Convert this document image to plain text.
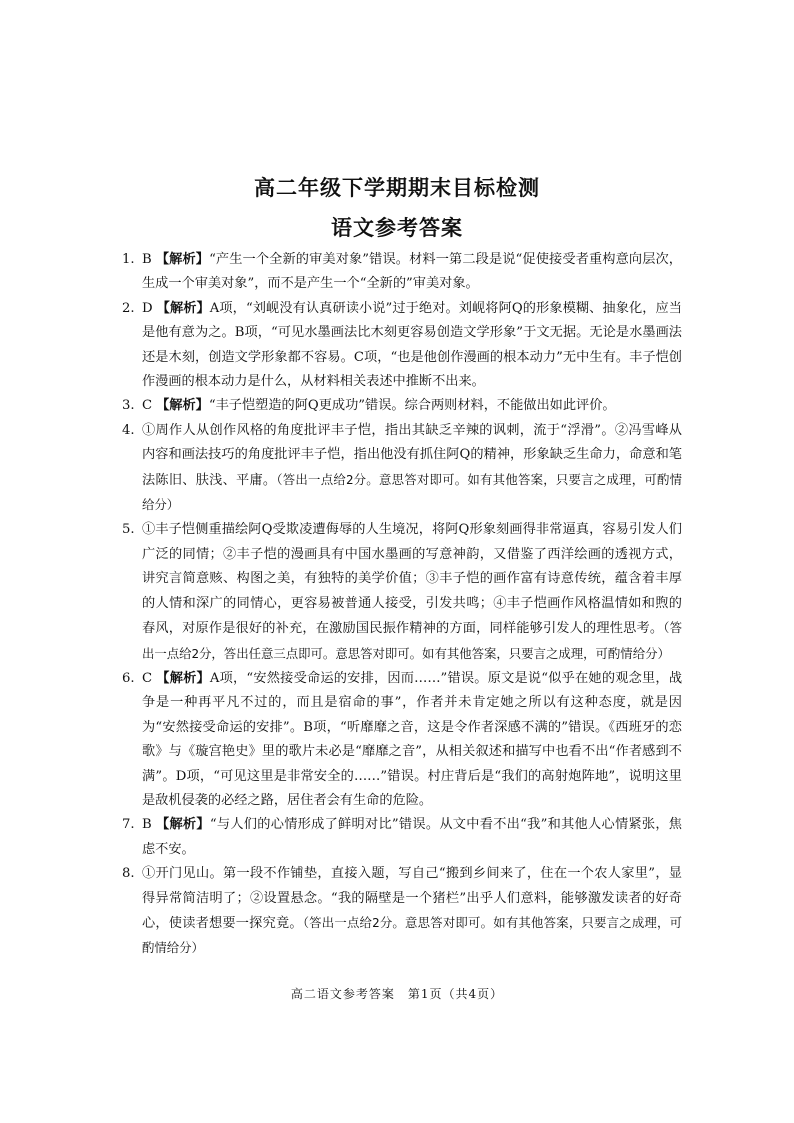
高二年级下学期期末目标检测
语文参考答案
1. B 【解析】“产生一个全新的审美对象”错误。材料一第二段是说“促使接受者重构意向层次，生成一个审美对象”，而不是产生一个“全新的”审美对象。
2. D 【解析】A项，“刘岘没有认真研读小说”过于绝对。刘岘将阿Q的形象模糊、抽象化，应当是他有意为之。B项，“可见水墨画法比木刻更容易创造文学形象”于文无据。无论是水墨画法还是木刻，创造文学形象都不容易。C项，“也是他创作漫画的根本动力”无中生有。丰子恺创作漫画的根本动力是什么，从材料相关表述中推断不出来。
3. C 【解析】“丰子恺塑造的阿Q更成功”错误。综合两则材料，不能做出如此评价。
4. ①周作人从创作风格的角度批评丰子恺，指出其缺乏辛辣的讽刺，流于“浮滑”。②冯雪峰从内容和画法技巧的角度批评丰子恺，指出他没有抓住阿Q的精神，形象缺乏生命力，命意和笔法陈旧、肤浅、平庸。（答出一点给2分。意思答对即可。如有其他答案，只要言之成理，可酌情给分）
5. ①丰子恺侧重描绘阿Q受欺凌遭侮辱的人生境况，将阿Q形象刻画得非常逼真，容易引发人们广泛的同情；②丰子恺的漫画具有中国水墨画的写意神韵，又借鉴了西洋绘画的透视方式，讲究言简意赅、构图之美，有独特的美学价值；③丰子恺的画作富有诗意传统，蕴含着丰厚的人情和深广的同情心，更容易被普通人接受，引发共鸣；④丰子恺画作风格温情如和煦的春风，对原作是很好的补充，在激励国民振作精神的方面，同样能够引发人的理性思考。（答出一点给2分，答出任意三点即可。意思答对即可。如有其他答案，只要言之成理，可酌情给分）
6. C 【解析】A项，“安然接受命运的安排，因而……”错误。原文是说“似乎在她的观念里，战争是一种再平凡不过的，而且是宿命的事”，作者并未肯定她之所以有这种态度，就是因为“安然接受命运的安排”。B项，“听靡靡之音，这是令作者深感不满的”错误。《西班牙的恋歌》与《璇宫艳史》里的歌片未必是“靡靡之音”，从相关叙述和描写中也看不出“作者感到不满”。D项，“可见这里是非常安全的……”错误。村庄背后是“我们的高射炮阵地”，说明这里是敌机侵袭的必经之路，居住者会有生命的危险。
7. B 【解析】“与人们的心情形成了鲜明对比”错误。从文中看不出“我”和其他人心情紧张，焦虑不安。
8. ①开门见山。第一段不作铺垫，直接入题，写自己“搬到乡间来了，住在一个农人家里”，显得异常简洁明了；②设置悬念。“我的隔壁是一个猪栏”出乎人们意料，能够激发读者的好奇心，使读者想要一探究竟。（答出一点给2分。意思答对即可。如有其他答案，只要言之成理，可酌情给分）
高二语文参考答案　第1页（共4页）
